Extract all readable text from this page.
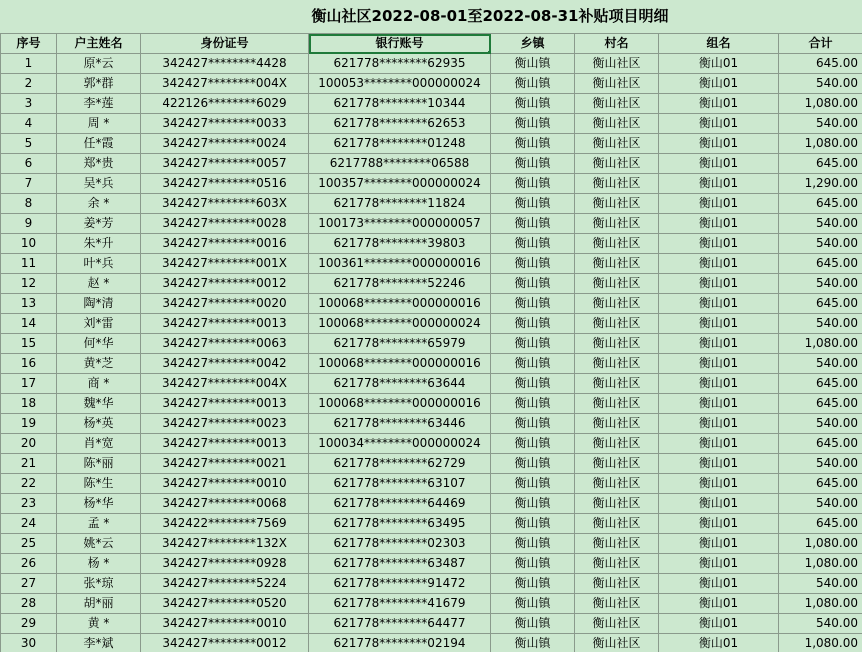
衡山社区2022-08-01至2022-08-31补贴项目明细
序号	户主姓名	身份证号	银行账号	乡镇	村名	组名	合计
1	原*云	342427********4428	621778********62935	衡山镇	衡山社区	衡山01	645.00
2	郭*群	342427********004X	100053********000000024	衡山镇	衡山社区	衡山01	540.00
3	李*莲	422126********6029	621778********10344	衡山镇	衡山社区	衡山01	1,080.00
4	周 *	342427********0033	621778********62653	衡山镇	衡山社区	衡山01	540.00
5	任*霞	342427********0024	621778********01248	衡山镇	衡山社区	衡山01	1,080.00
6	郑*贵	342427********0057	6217788********06588	衡山镇	衡山社区	衡山01	645.00
7	吴*兵	342427********0516	100357********000000024	衡山镇	衡山社区	衡山01	1,290.00
8	余 *	342427********603X	621778********11824	衡山镇	衡山社区	衡山01	645.00
9	姜*芳	342427********0028	100173********000000057	衡山镇	衡山社区	衡山01	540.00
10	朱*升	342427********0016	621778********39803	衡山镇	衡山社区	衡山01	540.00
11	叶*兵	342427********001X	100361********000000016	衡山镇	衡山社区	衡山01	645.00
12	赵 *	342427********0012	621778********52246	衡山镇	衡山社区	衡山01	540.00
13	陶*清	342427********0020	100068********000000016	衡山镇	衡山社区	衡山01	645.00
14	刘*雷	342427********0013	100068********000000024	衡山镇	衡山社区	衡山01	540.00
15	何*华	342427********0063	621778********65979	衡山镇	衡山社区	衡山01	1,080.00
16	黄*芝	342427********0042	100068********000000016	衡山镇	衡山社区	衡山01	540.00
17	商 *	342427********004X	621778********63644	衡山镇	衡山社区	衡山01	645.00
18	魏*华	342427********0013	100068********000000016	衡山镇	衡山社区	衡山01	645.00
19	杨*英	342427********0023	621778********63446	衡山镇	衡山社区	衡山01	540.00
20	肖*宽	342427********0013	100034********000000024	衡山镇	衡山社区	衡山01	645.00
21	陈*丽	342427********0021	621778********62729	衡山镇	衡山社区	衡山01	540.00
22	陈*生	342427********0010	621778********63107	衡山镇	衡山社区	衡山01	645.00
23	杨*华	342427********0068	621778********64469	衡山镇	衡山社区	衡山01	540.00
24	孟 *	342422********7569	621778********63495	衡山镇	衡山社区	衡山01	645.00
25	姚*云	342427********132X	621778********02303	衡山镇	衡山社区	衡山01	1,080.00
26	杨 *	342427********0928	621778********63487	衡山镇	衡山社区	衡山01	1,080.00
27	张*琼	342427********5224	621778********91472	衡山镇	衡山社区	衡山01	540.00
28	胡*丽	342427********0520	621778********41679	衡山镇	衡山社区	衡山01	1,080.00
29	黄 *	342427********0010	621778********64477	衡山镇	衡山社区	衡山01	540.00
30	李*斌	342427********0012	621778********02194	衡山镇	衡山社区	衡山01	1,080.00
